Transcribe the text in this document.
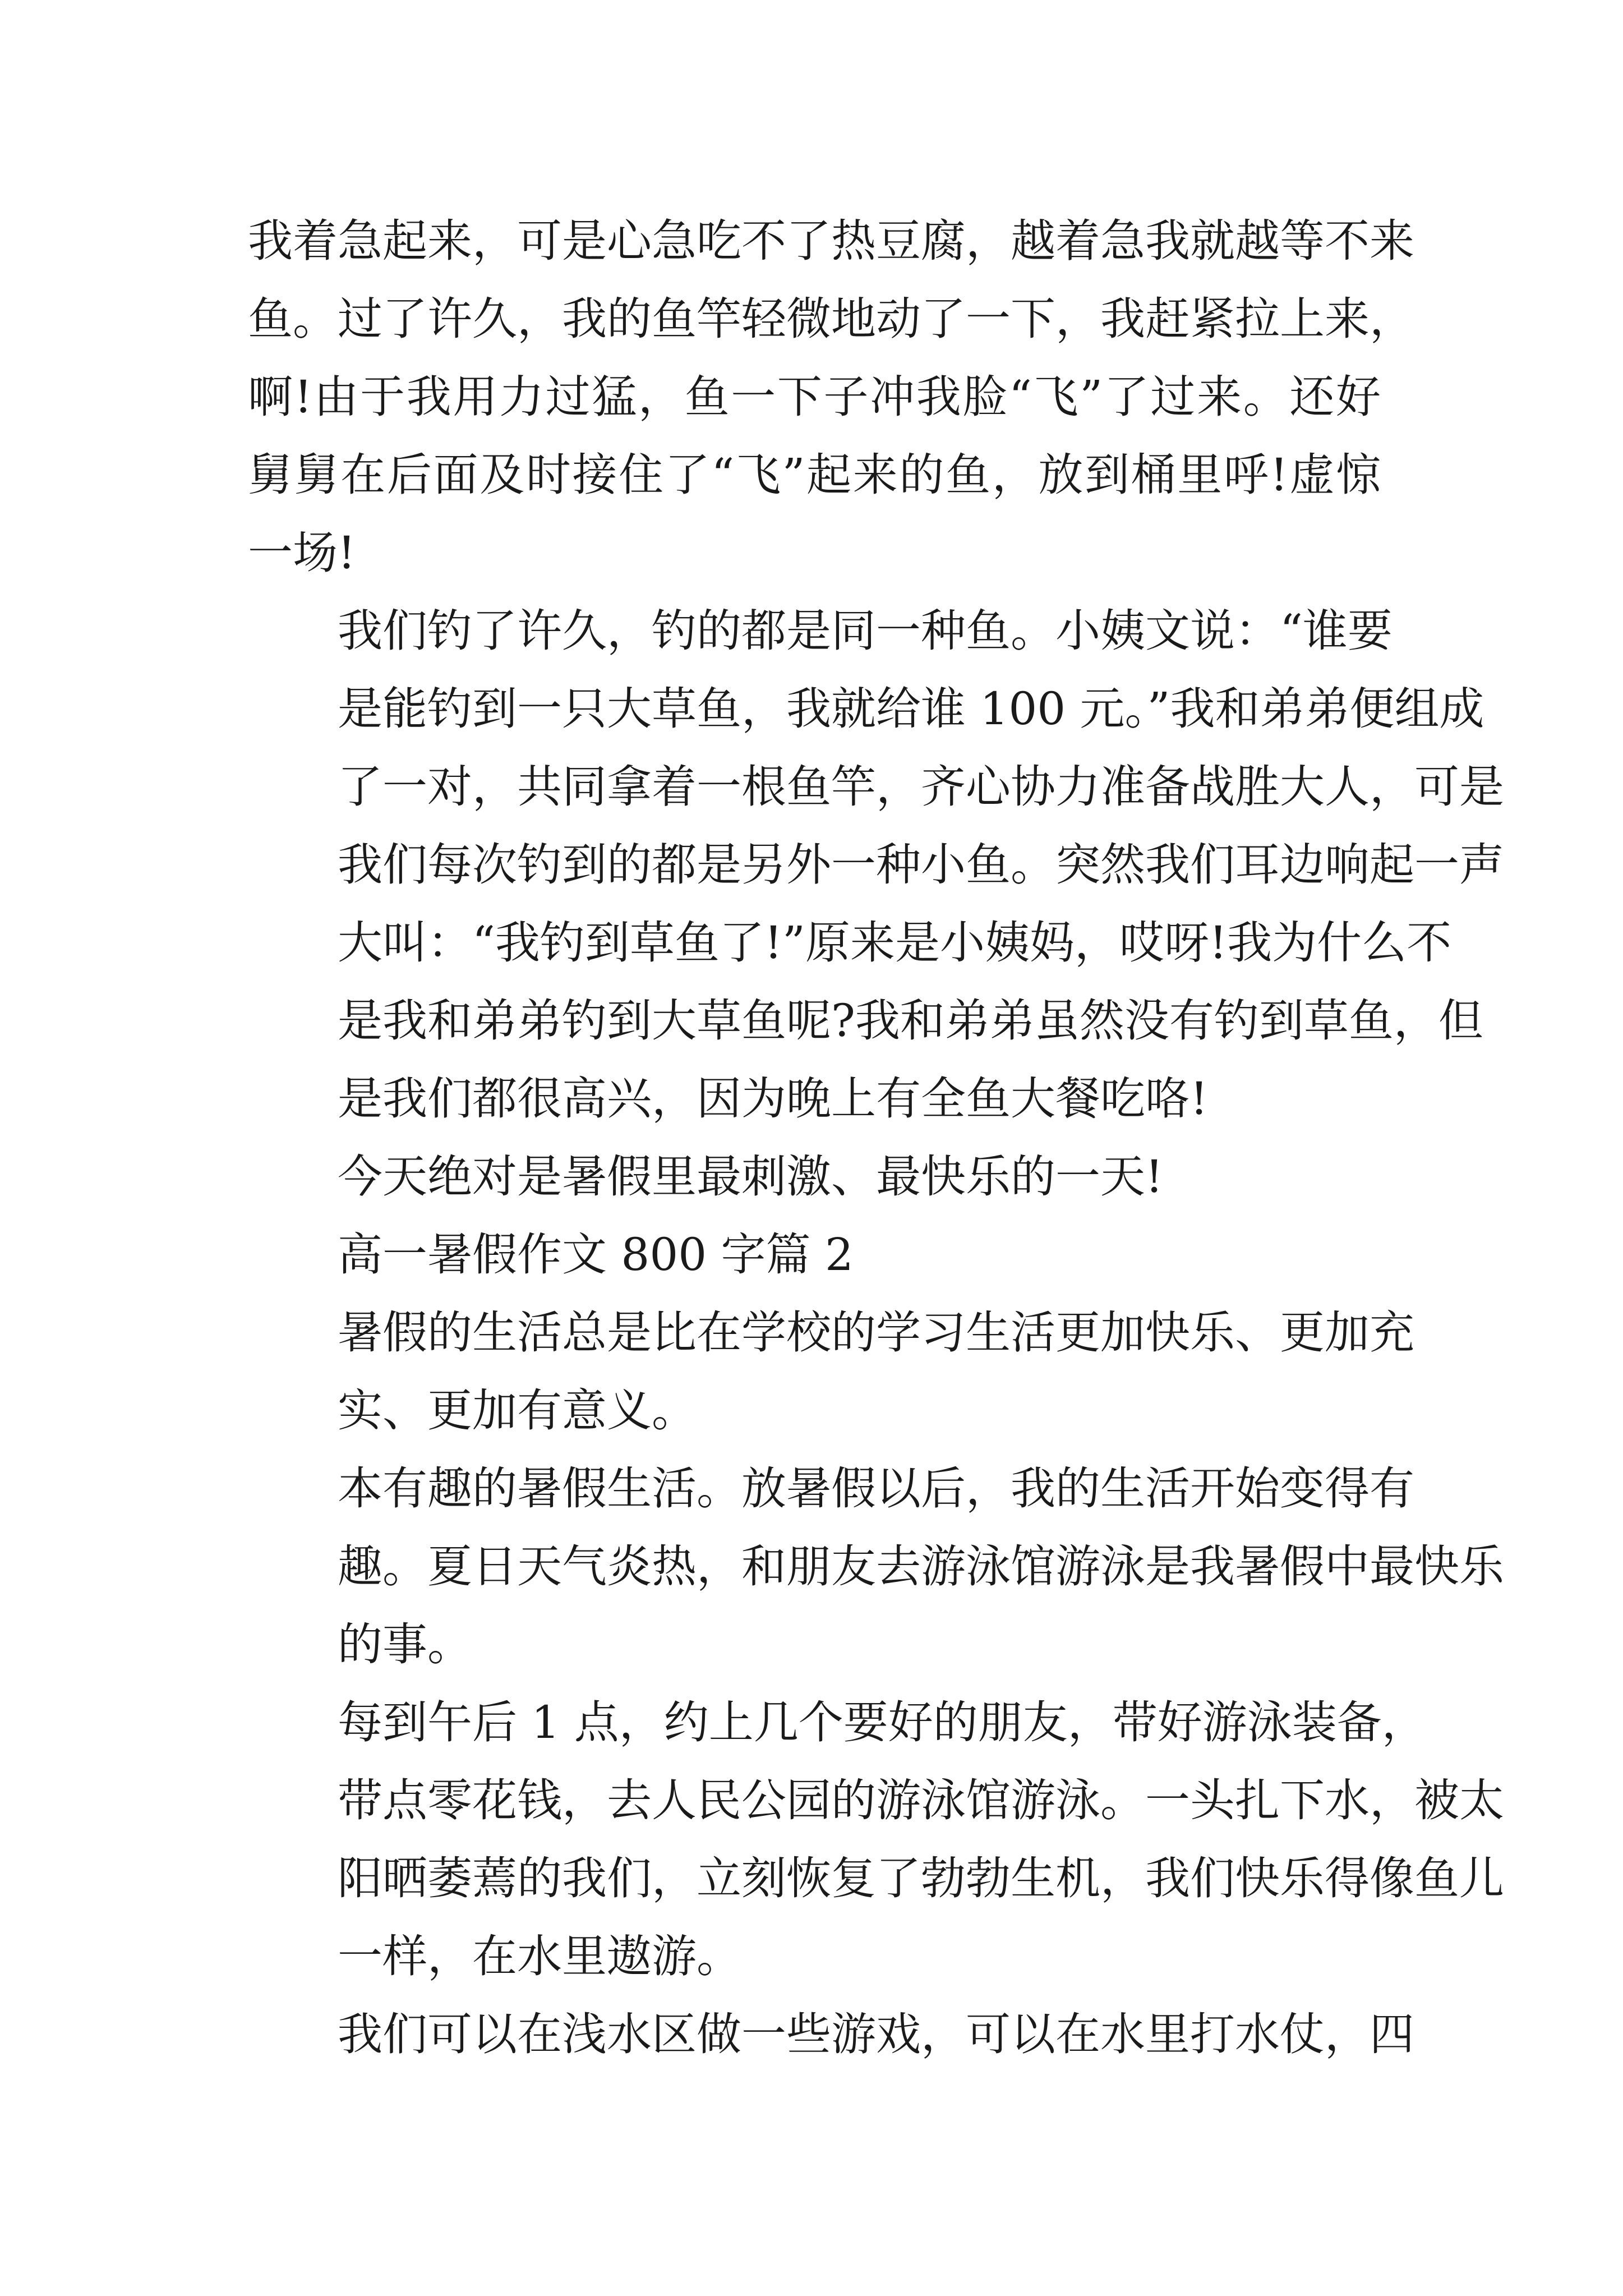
我着急起来，可是心急吃不了热豆腐，越着急我就越等不来
鱼。过了许久，我的鱼竿轻微地动了一下，我赶紧拉上来，
啊!由于我用力过猛，鱼一下子冲我脸“飞”了过来。还好
舅舅在后面及时接住了“飞”起来的鱼，放到桶里呼!虚惊
一场!

我们钓了许久，钓的都是同一种鱼。小姨文说：“谁要
是能钓到一只大草鱼，我就给谁 100 元。”我和弟弟便组成
了一对，共同拿着一根鱼竿，齐心协力准备战胜大人，可是
我们每次钓到的都是另外一种小鱼。突然我们耳边响起一声
大叫：“我钓到草鱼了!”原来是小姨妈，哎呀!我为什么不
是我和弟弟钓到大草鱼呢?我和弟弟虽然没有钓到草鱼，但
是我们都很高兴，因为晚上有全鱼大餐吃咯!

今天绝对是暑假里最刺激、最快乐的一天!

高一暑假作文 800 字篇 2

暑假的生活总是比在学校的学习生活更加快乐、更加充
实、更加有意义。

本有趣的暑假生活。放暑假以后，我的生活开始变得有
趣。夏日天气炎热，和朋友去游泳馆游泳是我暑假中最快乐
的事。

每到午后 1 点，约上几个要好的朋友，带好游泳装备，
带点零花钱，去人民公园的游泳馆游泳。一头扎下水，被太
阳晒萎蔫的我们，立刻恢复了勃勃生机，我们快乐得像鱼儿
一样，在水里遨游。

我们可以在浅水区做一些游戏，可以在水里打水仗，四
